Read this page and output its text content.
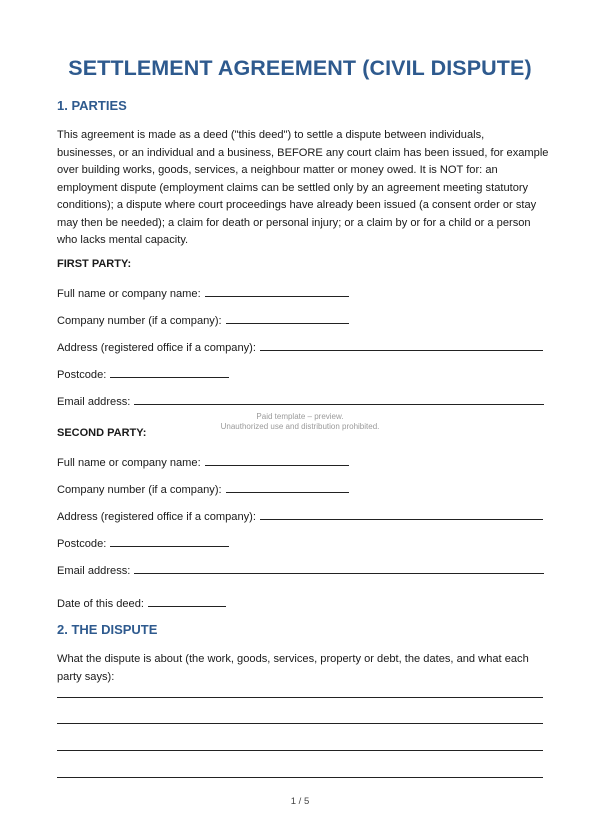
SETTLEMENT AGREEMENT (CIVIL DISPUTE)
1. PARTIES
This agreement is made as a deed ("this deed") to settle a dispute between individuals,
businesses, or an individual and a business, BEFORE any court claim has been issued, for example
over building works, goods, services, a neighbour matter or money owed. It is NOT for: an
employment dispute (employment claims can be settled only by an agreement meeting statutory
conditions); a dispute where court proceedings have already been issued (a consent order or stay
may then be needed); a claim for death or personal injury; or a claim by or for a child or a person
who lacks mental capacity.
FIRST PARTY:
Full name or company name:
Company number (if a company):
Address (registered office if a company):
Postcode:
Email address:
Paid template – preview.
Unauthorized use and distribution prohibited.
SECOND PARTY:
Full name or company name:
Company number (if a company):
Address (registered office if a company):
Postcode:
Email address:
Date of this deed:
2. THE DISPUTE
What the dispute is about (the work, goods, services, property or debt, the dates, and what each
party says):
1 / 5
